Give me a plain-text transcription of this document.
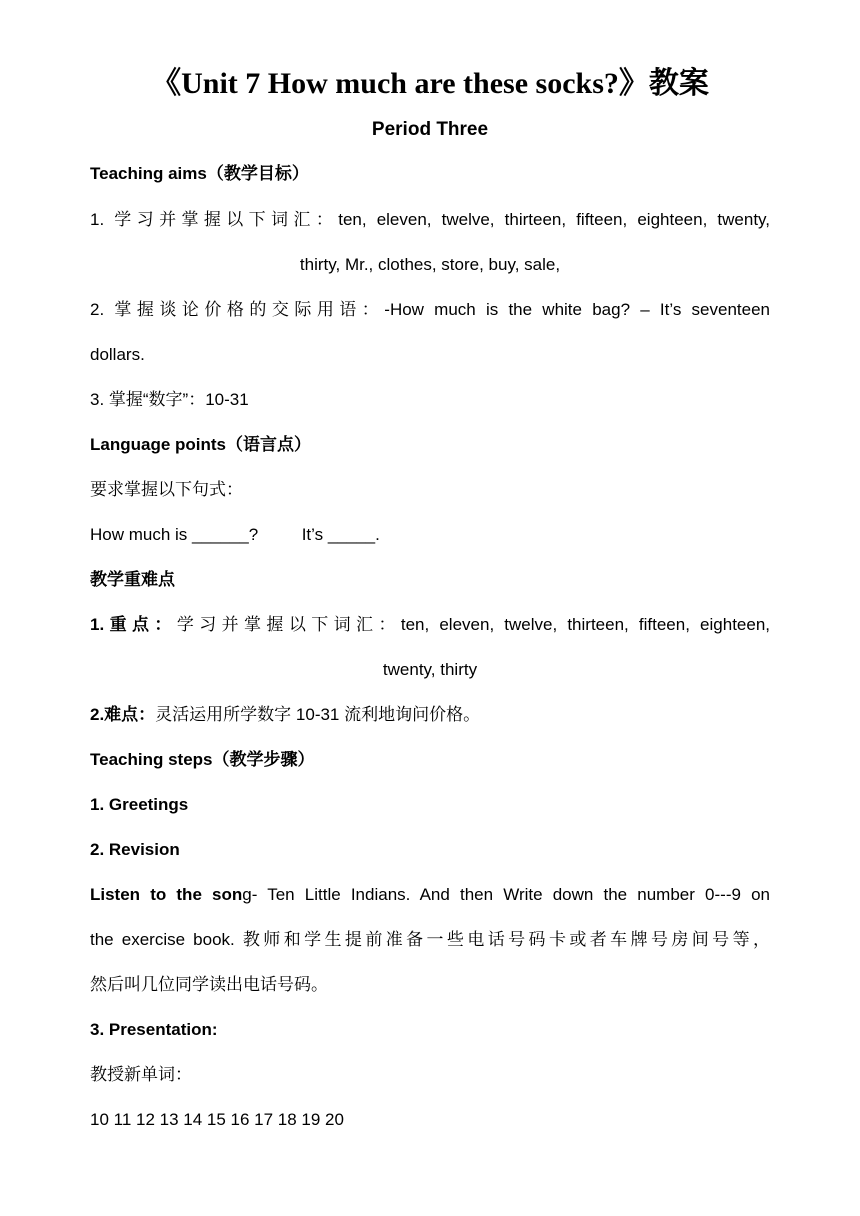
《Unit 7 How much are these socks?》教案
Period Three
Teaching aims（教学目标）
1. 学习并掌握以下词汇：ten, eleven, twelve, thirteen, fifteen, eighteen, twenty,
thirty, Mr., clothes, store, buy, sale,
2. 掌握谈论价格的交际用语：-How much is the white bag? – It’s seventeen
dollars.
3. 掌握“数字”：10-31
Language points（语言点）
要求掌握以下句式：
How much is ______?	It’s _____.
教学重难点
1.重点：学习并掌握以下词汇：ten, eleven, twelve, thirteen, fifteen, eighteen,
twenty, thirty
2.难点：灵活运用所学数字 10-31 流利地询问价格。
Teaching steps（教学步骤）
1. Greetings
2. Revision
Listen to the song- Ten Little Indians. And then Write down the number 0---9 on
the exercise book. 教师和学生提前准备一些电话号码卡或者车牌号房间号等，
然后叫几位同学读出电话号码。
3. Presentation:
教授新单词：
10 11 12 13 14 15 16 17 18 19 20
